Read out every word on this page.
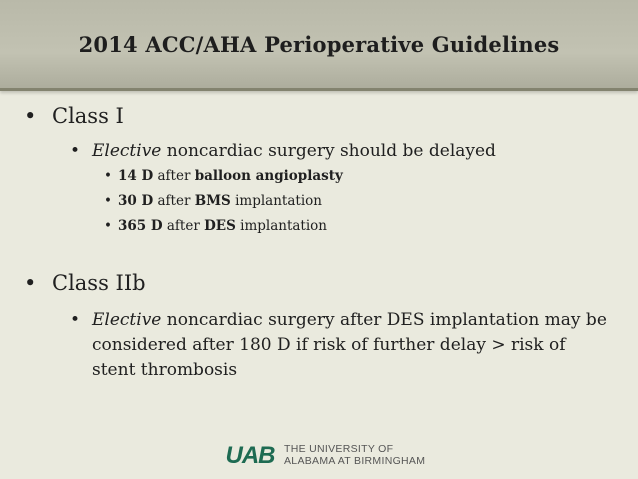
2014 ACC/AHA Perioperative Guidelines
• Class I
• Elective noncardiac surgery should be delayed
• 14 D after balloon angioplasty
• 30 D after BMS implantation
• 365 D after DES implantation
• Class IIb
• Elective noncardiac surgery after DES implantation may be considered after 180 D if risk of further delay > risk of stent thrombosis
UAB THE UNIVERSITY OF
ALABAMA AT BIRMINGHAM
